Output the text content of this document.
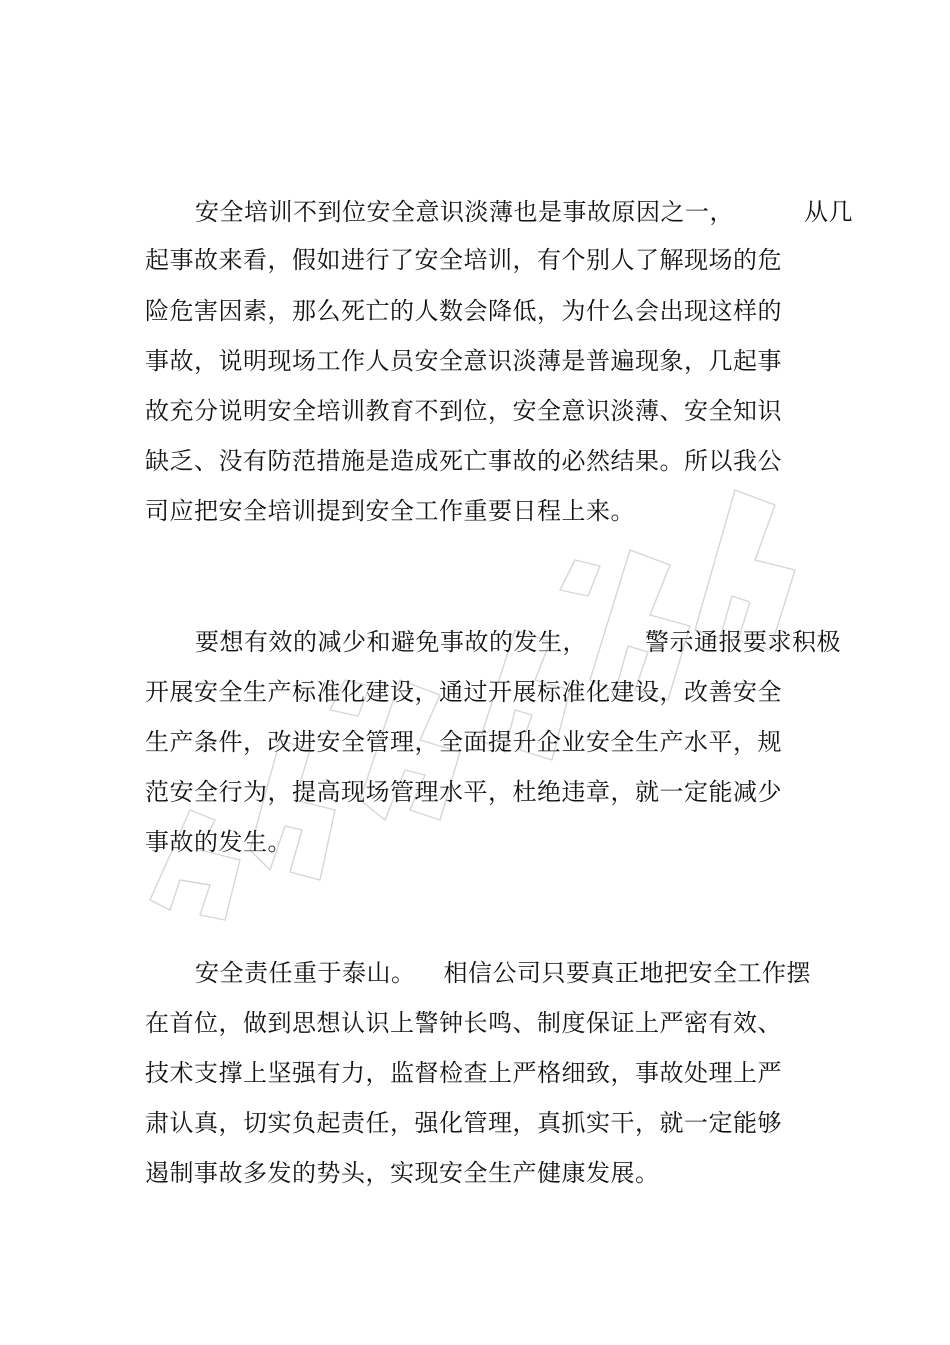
安全培训不到位安全意识淡薄也是事故原因之一，	从几
起事故来看，假如进行了安全培训，有个别人了解现场的危
险危害因素，那么死亡的人数会降低，为什么会出现这样的
事故，说明现场工作人员安全意识淡薄是普遍现象，几起事
故充分说明安全培训教育不到位，安全意识淡薄、安全知识
缺乏、没有防范措施是造成死亡事故的必然结果。所以我公
司应把安全培训提到安全工作重要日程上来。
要想有效的减少和避免事故的发生， 警示通报要求积极
开展安全生产标准化建设，通过开展标准化建设，改善安全
生产条件，改进安全管理，全面提升企业安全生产水平，规
范安全行为，提高现场管理水平，杜绝违章，就一定能减少
事故的发生。
安全责任重于泰山。 相信公司只要真正地把安全工作摆
在首位，做到思想认识上警钟长鸣、制度保证上严密有效、
技术支撑上坚强有力，监督检查上严格细致，事故处理上严
肃认真，切实负起责任，强化管理，真抓实干，就一定能够
遏制事故多发的势头，实现安全生产健康发展。
